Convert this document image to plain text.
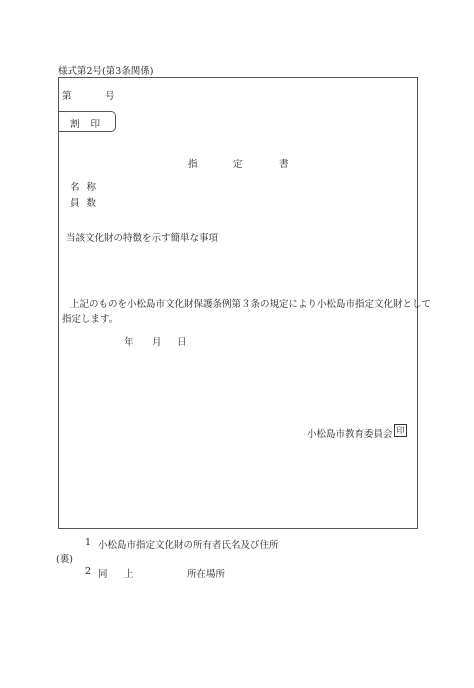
様式第2号(第3条関係)
第	号
割 印
指	定	書
名 称
員 数
当該文化財の特徴を示す簡単な事項
上記のものを小松島市文化財保護条例第３条の規定により小松島市指定文化財として
指定します。
年 月 日
小松島市教育委員会 印
1 小松島市指定文化財の所有者氏名及び住所
(裏)
2 同 上	所在場所
